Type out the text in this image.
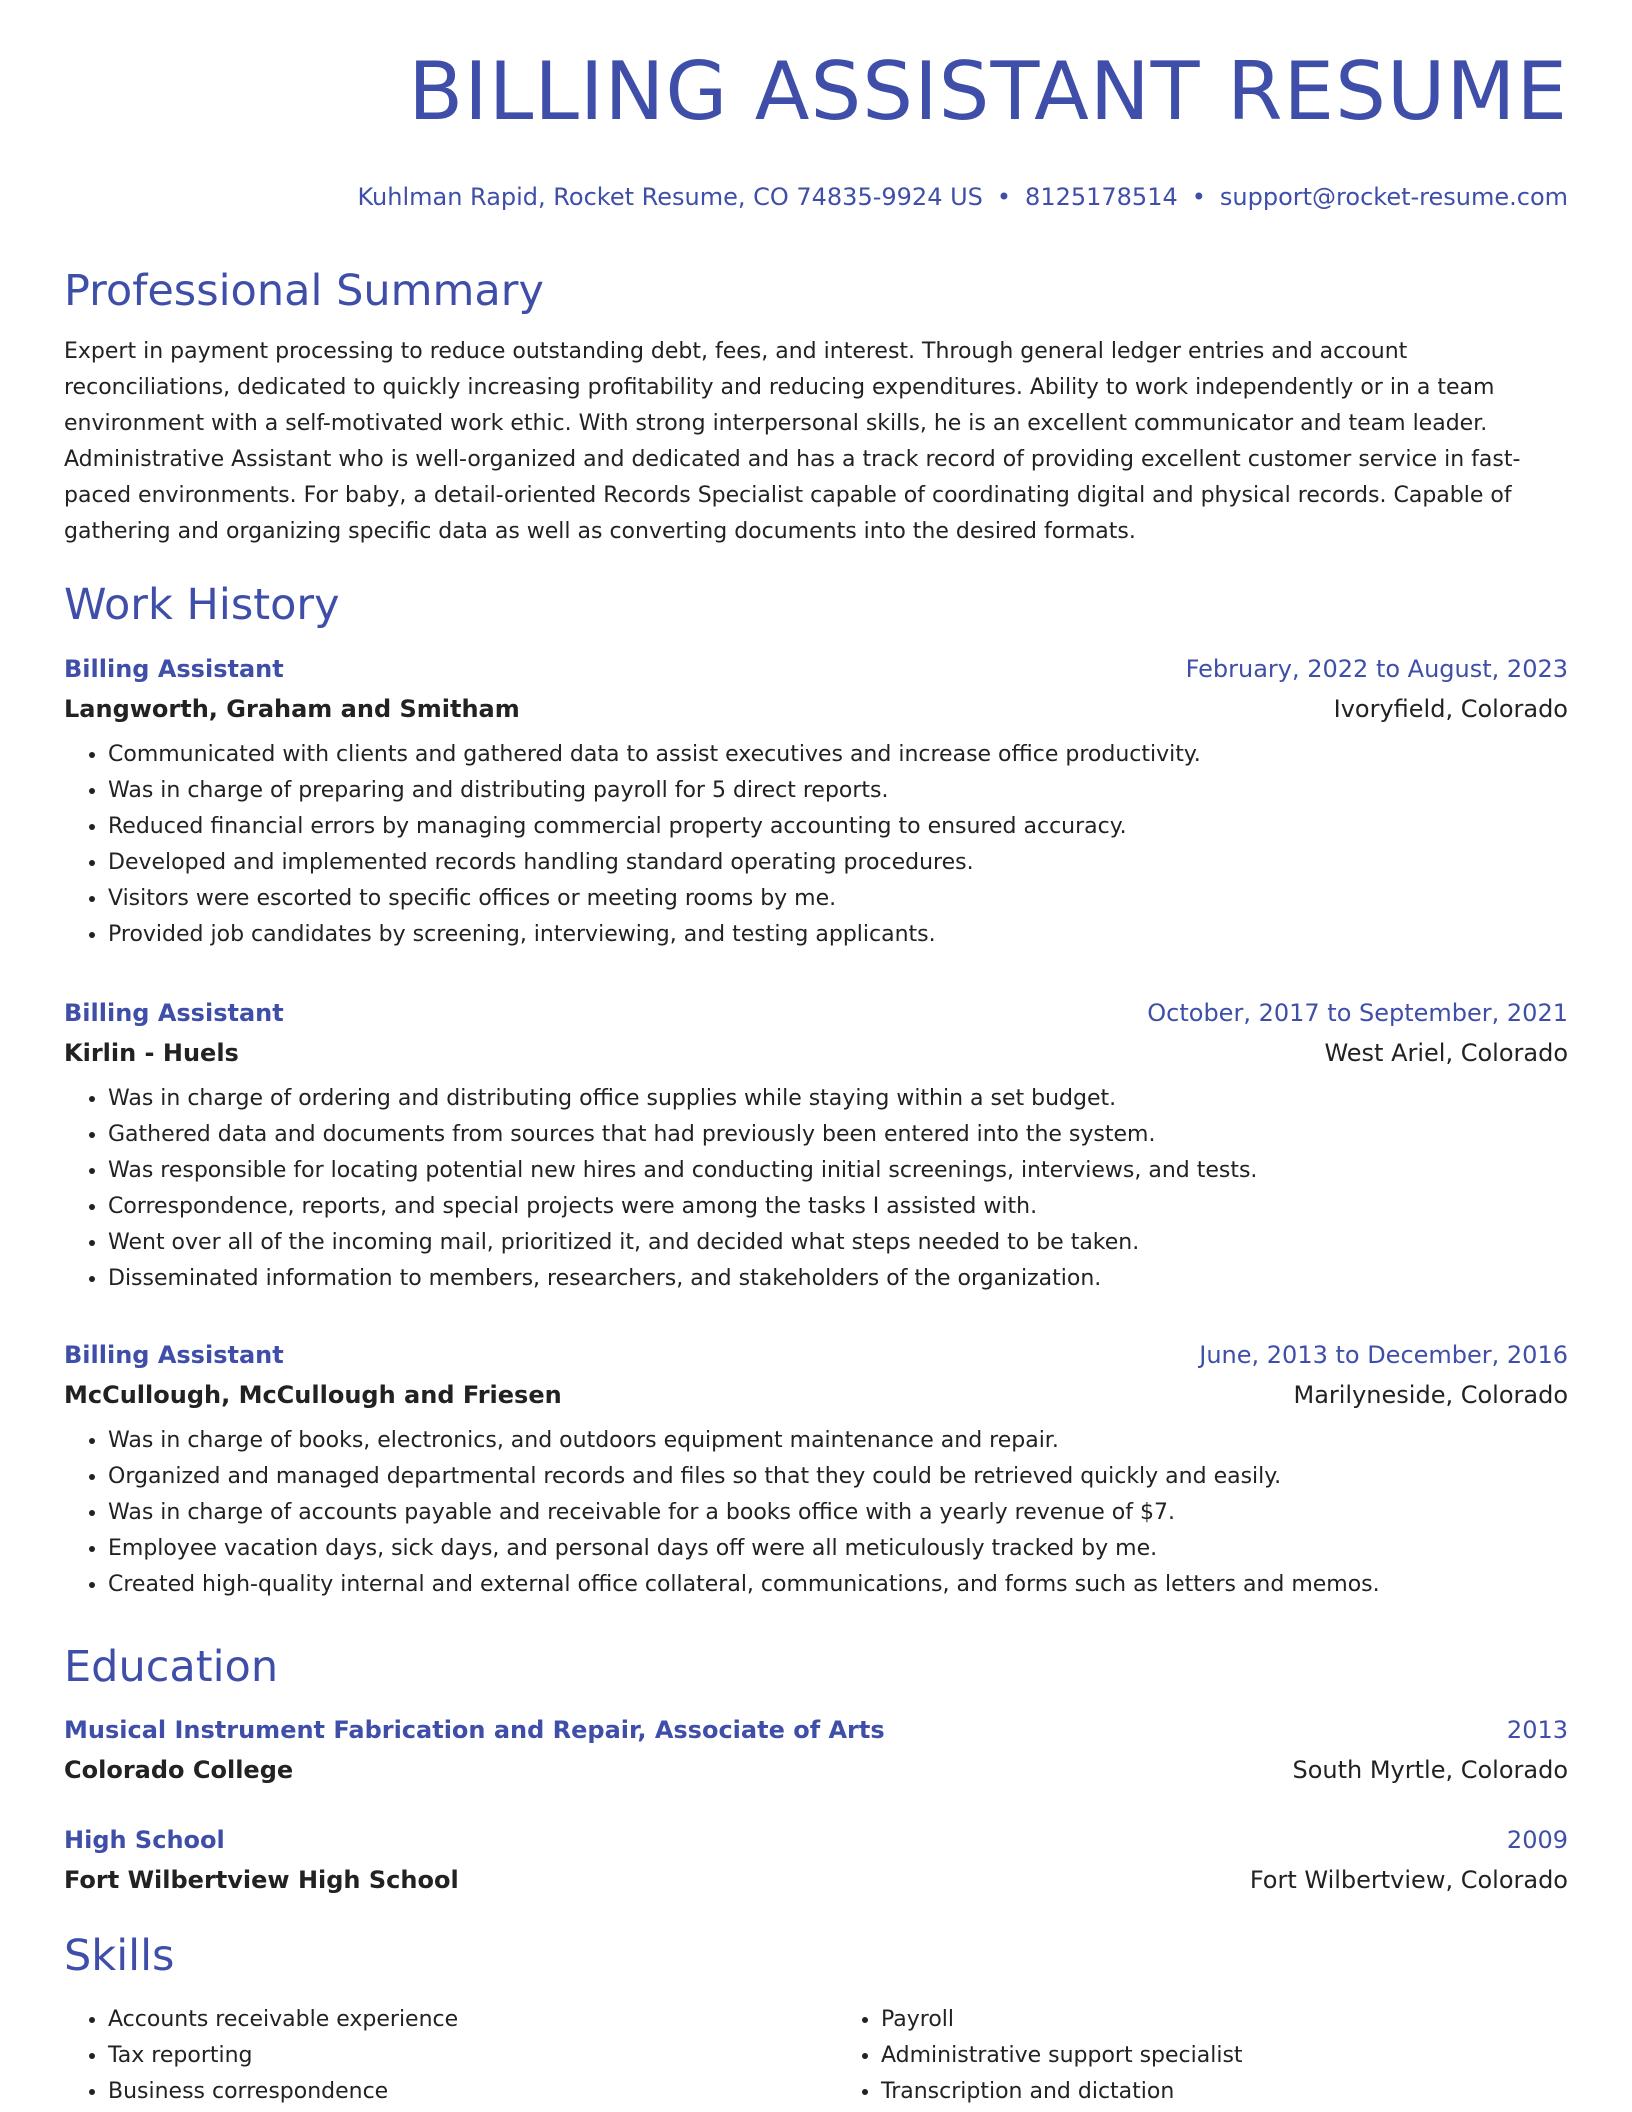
BILLING ASSISTANT RESUME
Kuhlman Rapid, Rocket Resume, CO 74835-9924 US • 8125178514 • support@rocket-resume.com
Professional Summary

Expert in payment processing to reduce outstanding debt, fees, and interest. Through general ledger entries and account reconciliations, dedicated to quickly increasing profitability and reducing expenditures. Ability to work independently or in a team environment with a self-motivated work ethic. With strong interpersonal skills, he is an excellent communicator and team leader. Administrative Assistant who is well-organized and dedicated and has a track record of providing excellent customer service in fast-paced environments. For baby, a detail-oriented Records Specialist capable of coordinating digital and physical records. Capable of gathering and organizing specific data as well as converting documents into the desired formats.

Work History
Billing Assistant	February, 2022 to August, 2023
Langworth, Graham and Smitham	Ivoryfield, Colorado
• Communicated with clients and gathered data to assist executives and increase office productivity.
• Was in charge of preparing and distributing payroll for 5 direct reports.
• Reduced financial errors by managing commercial property accounting to ensured accuracy.
• Developed and implemented records handling standard operating procedures.
• Visitors were escorted to specific offices or meeting rooms by me.
• Provided job candidates by screening, interviewing, and testing applicants.
Billing Assistant	October, 2017 to September, 2021
Kirlin - Huels	West Ariel, Colorado
• Was in charge of ordering and distributing office supplies while staying within a set budget.
• Gathered data and documents from sources that had previously been entered into the system.
• Was responsible for locating potential new hires and conducting initial screenings, interviews, and tests.
• Correspondence, reports, and special projects were among the tasks I assisted with.
• Went over all of the incoming mail, prioritized it, and decided what steps needed to be taken.
• Disseminated information to members, researchers, and stakeholders of the organization.
Billing Assistant	June, 2013 to December, 2016
McCullough, McCullough and Friesen	Marilyneside, Colorado
• Was in charge of books, electronics, and outdoors equipment maintenance and repair.
• Organized and managed departmental records and files so that they could be retrieved quickly and easily.
• Was in charge of accounts payable and receivable for a books office with a yearly revenue of $7.
• Employee vacation days, sick days, and personal days off were all meticulously tracked by me.
• Created high-quality internal and external office collateral, communications, and forms such as letters and memos.
Education
Musical Instrument Fabrication and Repair, Associate of Arts	2013
Colorado College	South Myrtle, Colorado
High School	2009
Fort Wilbertview High School	Fort Wilbertview, Colorado
Skills
• Accounts receivable experience
• Tax reporting
• Business correspondence
• Payroll
• Administrative support specialist
• Transcription and dictation
